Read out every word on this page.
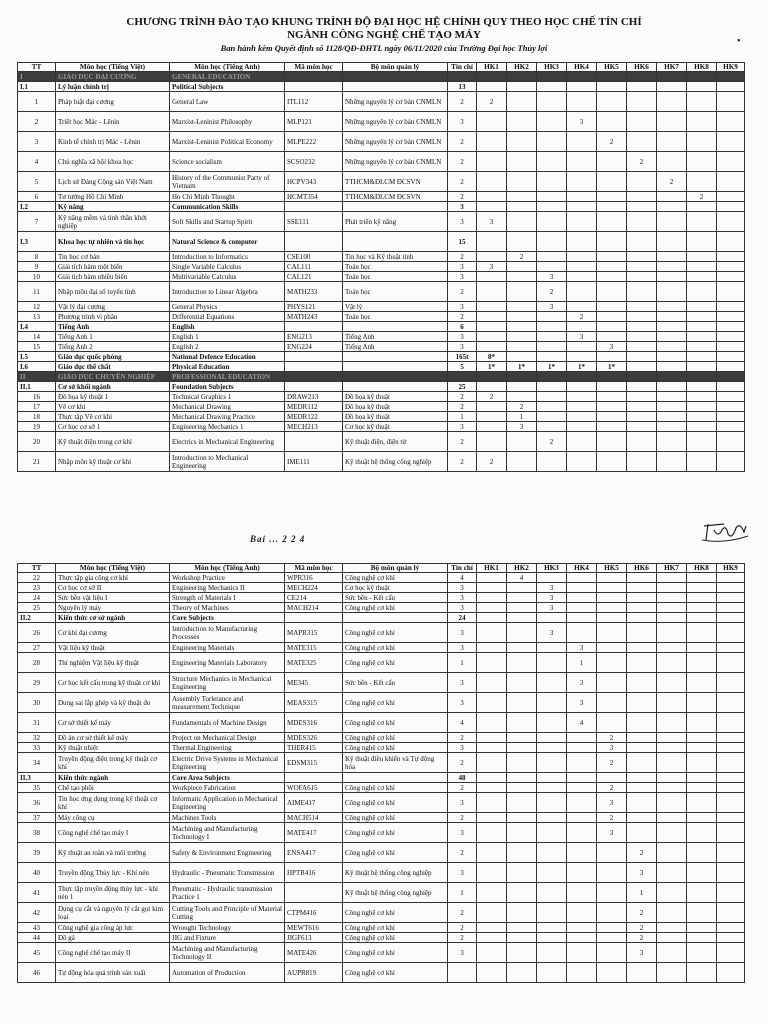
CHƯƠNG TRÌNH ĐÀO TẠO KHUNG TRÌNH ĐỘ ĐẠI HỌC HỆ CHÍNH QUY THEO HỌC CHẾ TÍN CHỈ
NGÀNH CÔNG NGHỆ CHẾ TẠO MÁY
Ban hành kèm Quyết định số 1128/QĐ-ĐHTL ngày 06/11/2020 của Trường Đại học Thủy lợi
•
TT	Môn học (Tiếng Việt)	Môn học (Tiếng Anh)	Mã môn học	Bộ môn quản lý	Tín chỉ	HK1	HK2	HK3	HK4	HK5	HK6	HK7	HK8	HK9
I	GIÁO DỤC ĐẠI CƯƠNG	GENERAL EDUCATION												
I.1	Lý luận chính trị	Political Subjects			13									
1	Pháp luật đại cương	General Law	ITL112	Những nguyên lý cơ bản CNMLN	2	2								
2	Triết học Mác - Lênin	Marxist-Leninist Philosophy	MLP121	Những nguyên lý cơ bản CNMLN	3				3					
3	Kinh tế chính trị Mác - Lênin	Marxist-Leninist Political Economy	MLPE222	Những nguyên lý cơ bản CNMLN	2					2				
4	Chủ nghĩa xã hội khoa học	Science socialism	SCSO232	Những nguyên lý cơ bản CNMLN	2						2			
5	Lịch sử Đảng Cộng sản Việt Nam	History of the Communist Party of Vietnam	HCPV343	TTHCM&ĐLCM ĐCSVN	2							2		
6	Tư tưởng Hồ Chí Minh	Ho Chi Minh Thought	HCMT354	TTHCM&ĐLCM ĐCSVN	2								2	
I.2	Kỹ năng	Communication Skills			3									
7	Kỹ năng mềm và tinh thần khởi nghiệp	Soft Skills and Startup Spirit	SSE111	Phát triển kỹ năng	3	3								
I.3	Khoa học tự nhiên và tin học	Natural Science & computer			15									
8	Tin học cơ bản	Introduction to Informatics	CSE100	Tin học và Kỹ thuật tính	2		2							
9	Giải tích hàm một biến	Single Variable Calculus	CAL111	Toán học	3	3								
10	Giải tích hàm nhiều biến	Multivariable Calculus	CAL121	Toán học	3			3						
11	Nhập môn đại số tuyến tính	Introduction to Linear Algebra	MATH233	Toán học	2			2						
12	Vật lý đại cương	General Physics	PHYS121	Vật lý	3			3						
13	Phương trình vi phân	Differential Equations	MATH243	Toán học	2				2					
I.4	Tiếng Anh	English			6									
14	Tiếng Anh 1	English 1	ENG213	Tiếng Anh	3				3					
15	Tiếng Anh 2	English 2	ENG224	Tiếng Anh	3					3				
I.5	Giáo dục quốc phòng	National Defence Education			165t	8*								
I.6	Giáo dục thể chất	Physical Education			5	1*	1*	1*	1*	1*				
II	GIÁO DỤC CHUYÊN NGHIỆP	PROFESSIONAL EDUCATION												
II.1	Cơ sở khối ngành	Foundation Subjects			25									
16	Đồ họa kỹ thuật 1	Technical Graphics 1	DRAW213	Đồ họa kỹ thuật	2	2								
17	Vẽ cơ khí	Mechanical Drawing	MEDR112	Đồ họa kỹ thuật	2		2							
18	Thực tập Vẽ cơ khí	Mechanical Drawing Practice	MEDR122	Đồ họa kỹ thuật	1		1							
19	Cơ học cơ sở 1	Engineering Mechanics 1	MECH213	Cơ học kỹ thuật	3		3							
20	Kỹ thuật điện trong cơ khí	Electrics in Mechanical Engineering		Kỹ thuật điện, điện tử	2			2						
21	Nhập môn kỹ thuật cơ khí	Introduction to Mechanical Engineering	IME111	Kỹ thuật hệ thống công nghiệp	2	2								
Bai ... 2 2 4
TT	Môn học (Tiếng Việt)	Môn học (Tiếng Anh)	Mã môn học	Bộ môn quản lý	Tín chỉ	HK1	HK2	HK3	HK4	HK5	HK6	HK7	HK8	HK9
22	Thực tập gia công cơ khí	Workshop Practice	WPR316	Công nghệ cơ khí	4		4							
23	Cơ học cơ sở II	Engineering Mechanics II	MECH224	Cơ học kỹ thuật	3			3						
24	Sức bền vật liệu I	Strength of Materials I	CE214	Sức bền - Kết cấu	3			3						
25	Nguyên lý máy	Theory of Machines	MACH214	Công nghệ cơ khí	3			3						
II.2	Kiến thức cơ sở ngành	Core Subjects			24									
26	Cơ khí đại cương	Introduction to Manufacturing Processes	MAPR315	Công nghệ cơ khí	3			3						
27	Vật liệu kỹ thuật	Engineering Materials	MATE315	Công nghệ cơ khí	3				3					
28	Thí nghiệm Vật liệu kỹ thuật	Engineering Materials Laboratory	MATE325	Công nghệ cơ khí	1				1					
29	Cơ học kết cấu trong kỹ thuật cơ khí	Structure Mechanics in Mechanical Engineering	ME345	Sức bền - Kết cấu	3				3					
30	Dung sai lắp ghép và kỹ thuật đo	Assembly Torlerance and measurement Technique	MEAS315	Công nghệ cơ khí	3				3					
31	Cơ sở thiết kế máy	Fundamentals of Machine Design	MDES316	Công nghệ cơ khí	4				4					
32	Đồ án cơ sở thiết kế máy	Project on Mechanical Design	MDES326	Công nghệ cơ khí	2					2				
33	Kỹ thuật nhiệt	Thermal Engineering	THER415	Công nghệ cơ khí	3					3				
34	Truyền động điện trong kỹ thuật cơ khí	Electric Drive Systems in Mechanical Engineering	EDSM315	Kỹ thuật điều khiển và Tự động hóa	2					2				
II.3	Kiến thức ngành	Core Area Subjects			48									
35	Chế tạo phôi	Workpiece Fabrication	WOFA615	Công nghệ cơ khí	2					2				
36	Tin học ứng dụng trong kỹ thuật cơ khí	Informatic Application in Mechanical Engineering	AIME417	Công nghệ cơ khí	3					3				
37	Máy công cụ	Machines Tools	MACH514	Công nghệ cơ khí	2					2				
38	Công nghệ chế tạo máy I	Machining and Manufacturing Technology I	MATE417	Công nghệ cơ khí	3					3				
39	Kỹ thuật an toàn và môi trường	Safety & Environment Engineering	ENSA417	Công nghệ cơ khí	2						2			
40	Truyền động Thủy lực - Khí nén	Hydraulic - Pneumatic Transmission	HPTR416	Kỹ thuật hệ thống công nghiệp	3						3			
41	Thực tập truyền động thủy lực - khí nén 1	Pneumatic - Hydraulic transmission Practice 1		Kỹ thuật hệ thống công nghiệp	1						1			
42	Dụng cụ cắt và nguyên lý cắt gọt kim loại	Cutting Tools and Principle of Material Cutting	CTPM416	Công nghệ cơ khí	2						2			
43	Công nghệ gia công áp lực	Wrought Technology	MEWT616	Công nghệ cơ khí	2						2			
44	Đồ gá	JIG and Fixture	JIGF613	Công nghệ cơ khí	2						2			
45	Công nghệ chế tạo máy II	Machining and Manufacturing Technology II	MATE426	Công nghệ cơ khí	3						3			
46	Tự động hóa quá trình sản xuất	Automation of Production	AUPR819	Công nghệ cơ khí										
